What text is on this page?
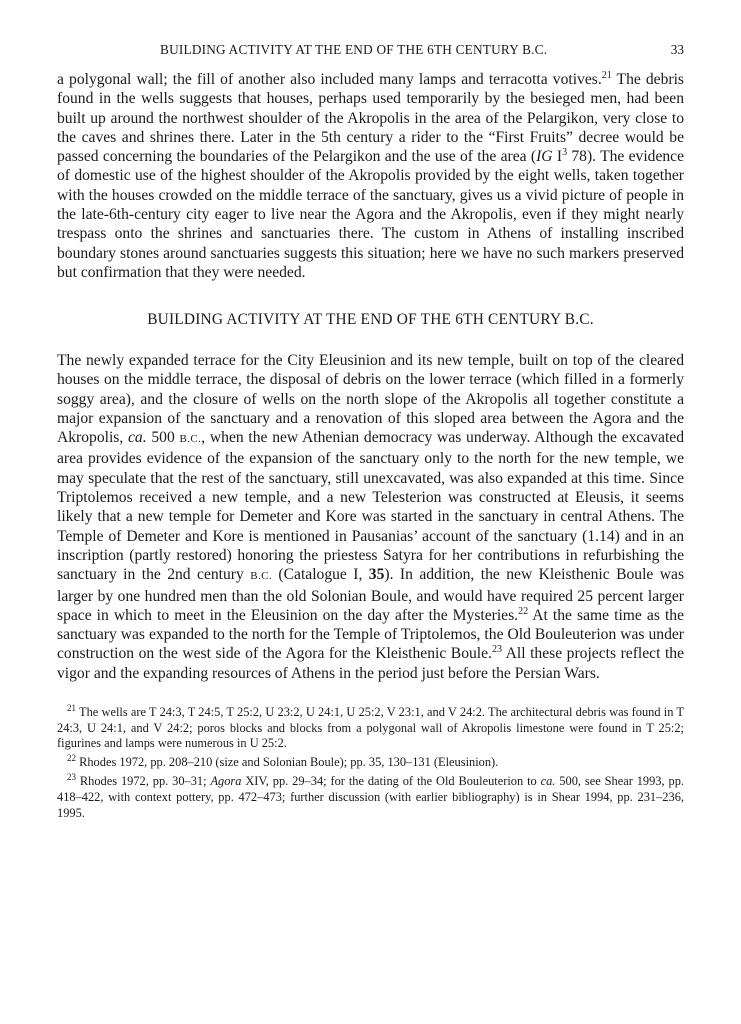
BUILDING ACTIVITY AT THE END OF THE 6TH CENTURY B.C.	33

a polygonal wall; the fill of another also included many lamps and terracotta votives.$^{21}$ The debris found in the wells suggests that houses, perhaps used temporarily by the besieged men, had been built up around the northwest shoulder of the Akropolis in the area of the Pelargikon, very close to the caves and shrines there. Later in the 5th century a rider to the “First Fruits” decree would be passed concerning the boundaries of the Pelargikon and the use of the area (IG $I^3$ 78). The evidence of domestic use of the highest shoulder of the Akropolis provided by the eight wells, taken together with the houses crowded on the middle terrace of the sanctuary, gives us a vivid picture of people in the late-6th-century city eager to live near the Agora and the Akropolis, even if they might nearly trespass onto the shrines and sanctuaries there. The custom in Athens of installing inscribed boundary stones around sanctuaries suggests this situation; here we have no such markers preserved but confirmation that they were needed.

BUILDING ACTIVITY AT THE END OF THE 6TH CENTURY B.C.

The newly expanded terrace for the City Eleusinion and its new temple, built on top of the cleared houses on the middle terrace, the disposal of debris on the lower terrace (which filled in a formerly soggy area), and the closure of wells on the north slope of the Akropolis all together constitute a major expansion of the sanctuary and a renovation of this sloped area between the Agora and the Akropolis, ca. 500 B.C., when the new Athenian democracy was underway. Although the excavated area provides evidence of the expansion of the sanctuary only to the north for the new temple, we may speculate that the rest of the sanctuary, still unexcavated, was also expanded at this time. Since Triptolemos received a new temple, and a new Telesterion was constructed at Eleusis, it seems likely that a new temple for Demeter and Kore was started in the sanctuary in central Athens. The Temple of Demeter and Kore is mentioned in Pausanias’ account of the sanctuary (1.14) and in an inscription (partly restored) honoring the priestess Satyra for her contributions in refurbishing the sanctuary in the 2nd century B.C. (Catalogue I, 35). In addition, the new Kleisthenic Boule was larger by one hundred men than the old Solonian Boule, and would have required 25 percent larger space in which to meet in the Eleusinion on the day after the Mysteries.$^{22}$ At the same time as the sanctuary was expanded to the north for the Temple of Triptolemos, the Old Bouleuterion was under construction on the west side of the Agora for the Kleisthenic Boule.$^{23}$ All these projects reflect the vigor and the expanding resources of Athens in the period just before the Persian Wars.

$^{21}$ The wells are T 24:3, T 24:5, T 25:2, U 23:2, U 24:1, U 25:2, V 23:1, and V 24:2. The architectural debris was found in T 24:3, U 24:1, and V 24:2; poros blocks and blocks from a polygonal wall of Akropolis limestone were found in T 25:2; figurines and lamps were numerous in U 25:2.

$^{22}$ Rhodes 1972, pp. 208–210 (size and Solonian Boule); pp. 35, 130–131 (Eleusinion).

$^{23}$ Rhodes 1972, pp. 30–31; Agora XIV, pp. 29–34; for the dating of the Old Bouleuterion to ca. 500, see Shear 1993, pp. 418–422, with context pottery, pp. 472–473; further discussion (with earlier bibliography) is in Shear 1994, pp. 231–236, 1995.
